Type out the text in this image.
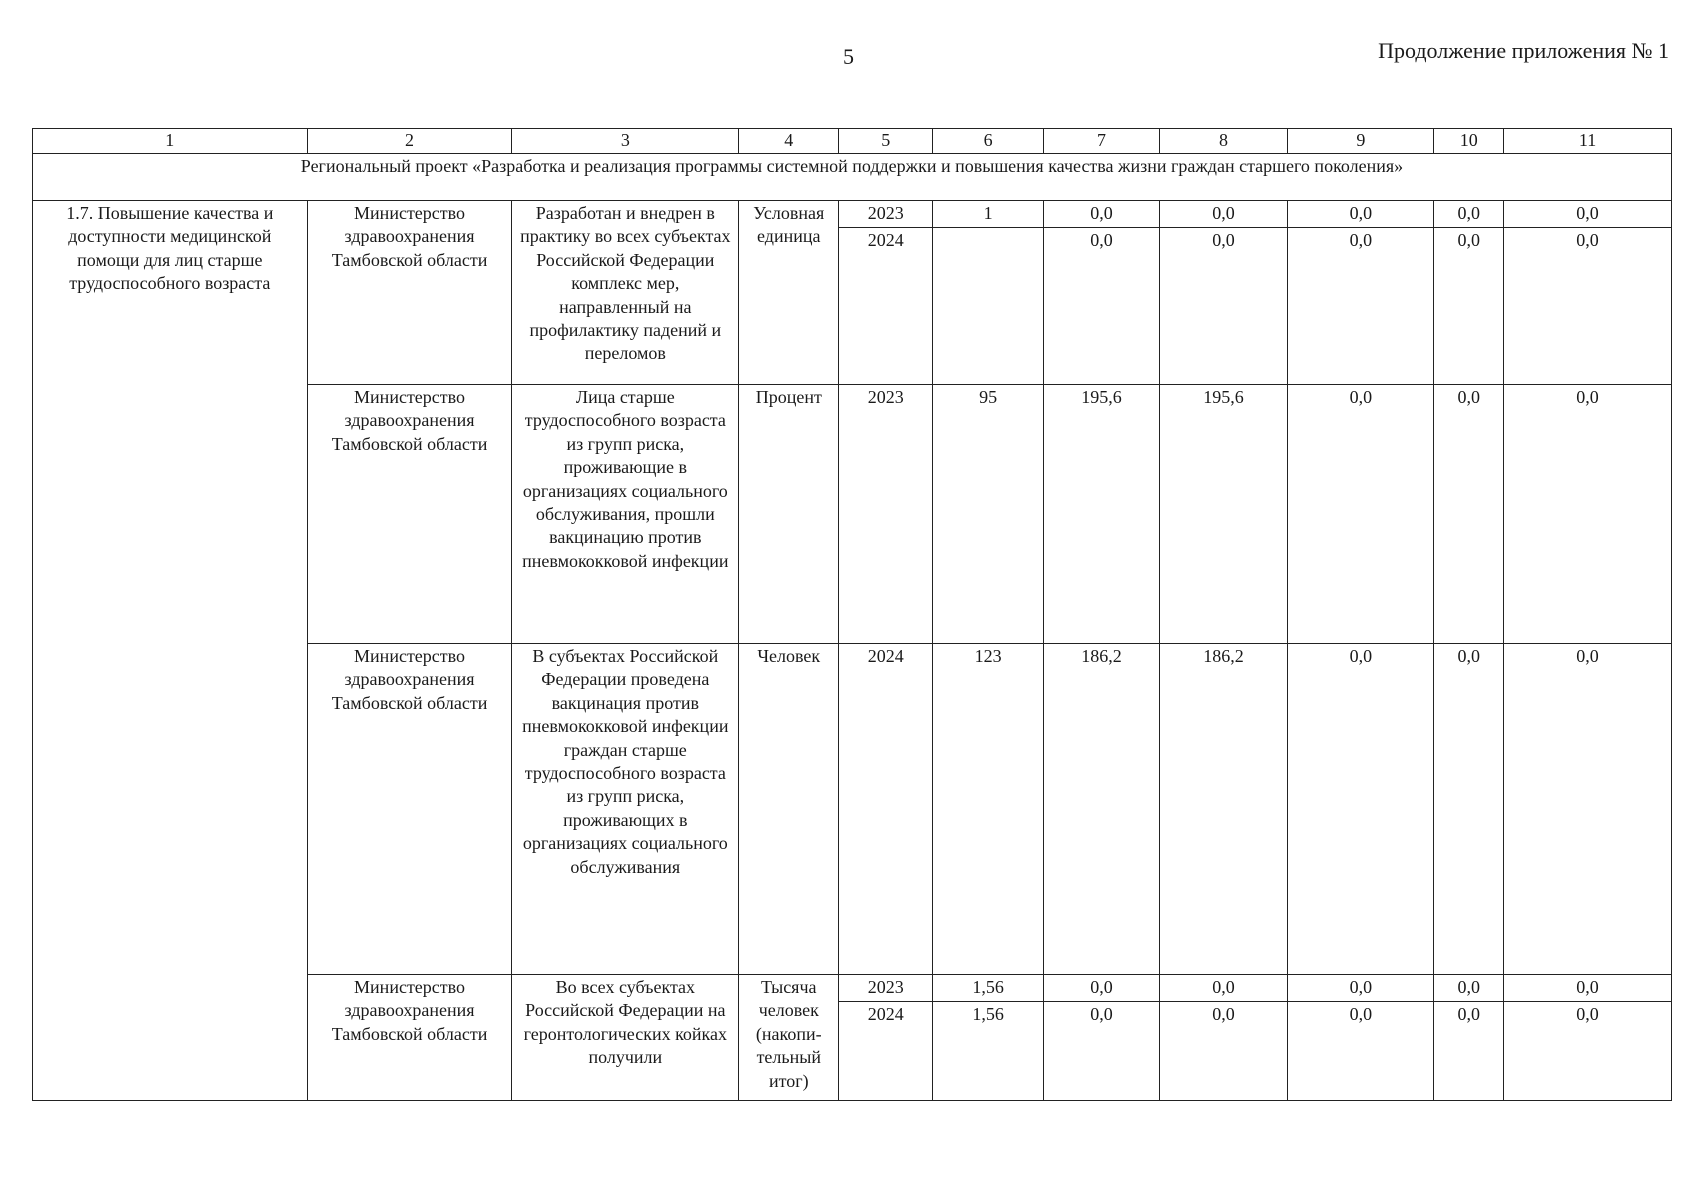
5	Продолжение приложения № 1
1	2	3	4	5	6	7	8	9	10	11
Региональный проект «Разработка и реализация программы системной поддержки и повышения качества жизни граждан старшего поколения»										
1.7. Повышение качества и доступности медицинской помощи для лиц старше трудоспособного возраста	Министерство здравоохранения Тамбовской области	Разработан и внедрен в практику во всех субъектах Российской Федерации комплекс мер, направленный на профилактику падений и переломов	Условная единица	2023	1	0,0	0,0	0,0	0,0	0,0
				2024		0,0	0,0	0,0	0,0	0,0
	Министерство здравоохранения Тамбовской области	Лица старше трудоспособного возраста из групп риска, проживающие в организациях социального обслуживания, прошли вакцинацию против пневмококковой инфекции	Процент	2023	95	195,6	195,6	0,0	0,0	0,0
	Министерство здравоохранения Тамбовской области	В субъектах Российской Федерации проведена вакцинация против пневмококковой инфекции граждан старше трудоспособного возраста из групп риска, проживающих в организациях социального обслуживания	Человек	2024	123	186,2	186,2	0,0	0,0	0,0
	Министерство здравоохранения Тамбовской области	Во всех субъектах Российской Федерации на геронтологических койках получили	Тысяча человек (накопи-тельный итог)	2023	1,56	0,0	0,0	0,0	0,0	0,0
				2024	1,56	0,0	0,0	0,0	0,0	0,0
